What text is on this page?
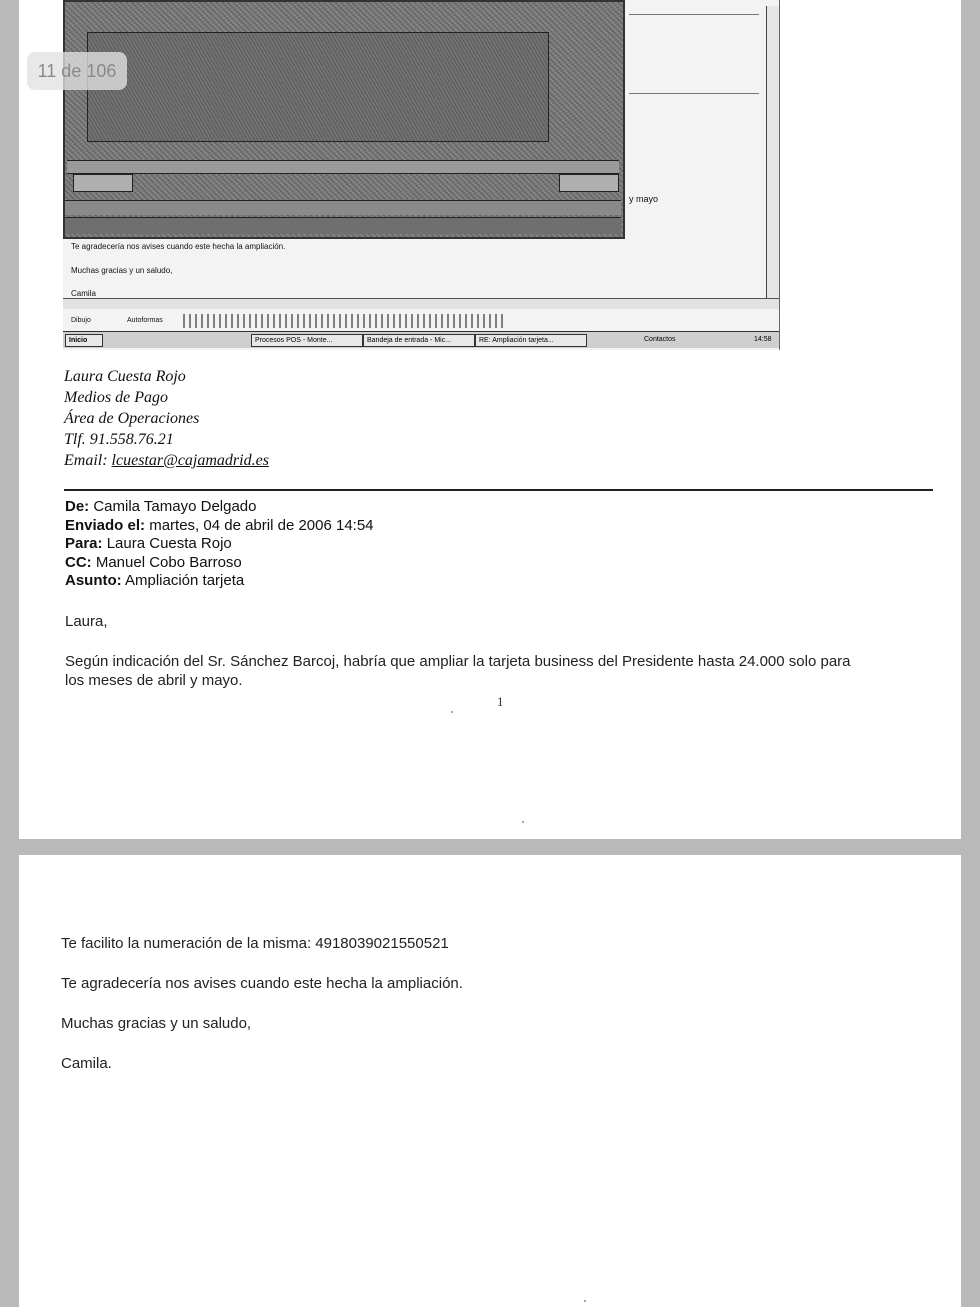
11 de 106
y mayo
Te agradecería nos avises cuando este hecha la ampliación.
Muchas gracias y un saludo,
Camila
Dibujo	Autoformas
Inicio	Procesos POS - Monte...	Bandeja de entrada - Mic...	RE: Ampliación tarjeta...	Contactos	14:58
Laura Cuesta Rojo
Medios de Pago
Área de Operaciones
Tlf. 91.558.76.21
Email: lcuestar@cajamadrid.es
De: Camila Tamayo Delgado
Enviado el: martes, 04 de abril de 2006 14:54
Para: Laura Cuesta Rojo
CC: Manuel Cobo Barroso
Asunto: Ampliación tarjeta
Laura,
Según indicación del Sr. Sánchez Barcoj, habría que ampliar la tarjeta business del Presidente hasta 24.000 solo para
los meses de abril y mayo.
1
Te facilito la numeración de la misma: 4918039021550521
Te agradecería nos avises cuando este hecha la ampliación.
Muchas gracias y un saludo,
Camila.
